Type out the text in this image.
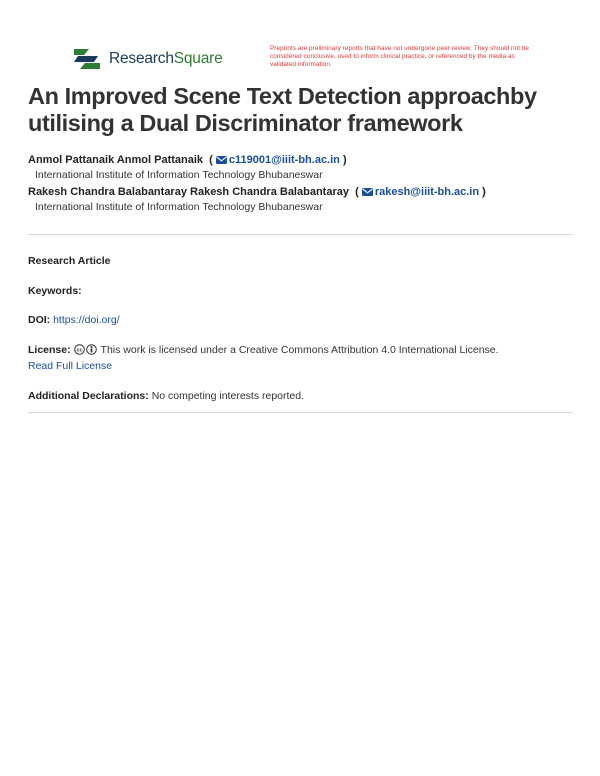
ResearchSquare
Preprints are preliminary reports that have not undergone peer review. They should not be considered conclusive, used to inform clinical practice, or referenced by the media as validated information.
An Improved Scene Text Detection approachby utilising a Dual Discriminator framework
Anmol Pattanaik Anmol Pattanaik  ( c119001@iiit-bh.ac.in )
International Institute of Information Technology Bhubaneswar
Rakesh Chandra Balabantaray Rakesh Chandra Balabantaray  ( rakesh@iiit-bh.ac.in )
International Institute of Information Technology Bhubaneswar
Research Article
Keywords:
DOI: https://doi.org/
License: cc This work is licensed under a Creative Commons Attribution 4.0 International License.
Read Full License
Additional Declarations: No competing interests reported.
